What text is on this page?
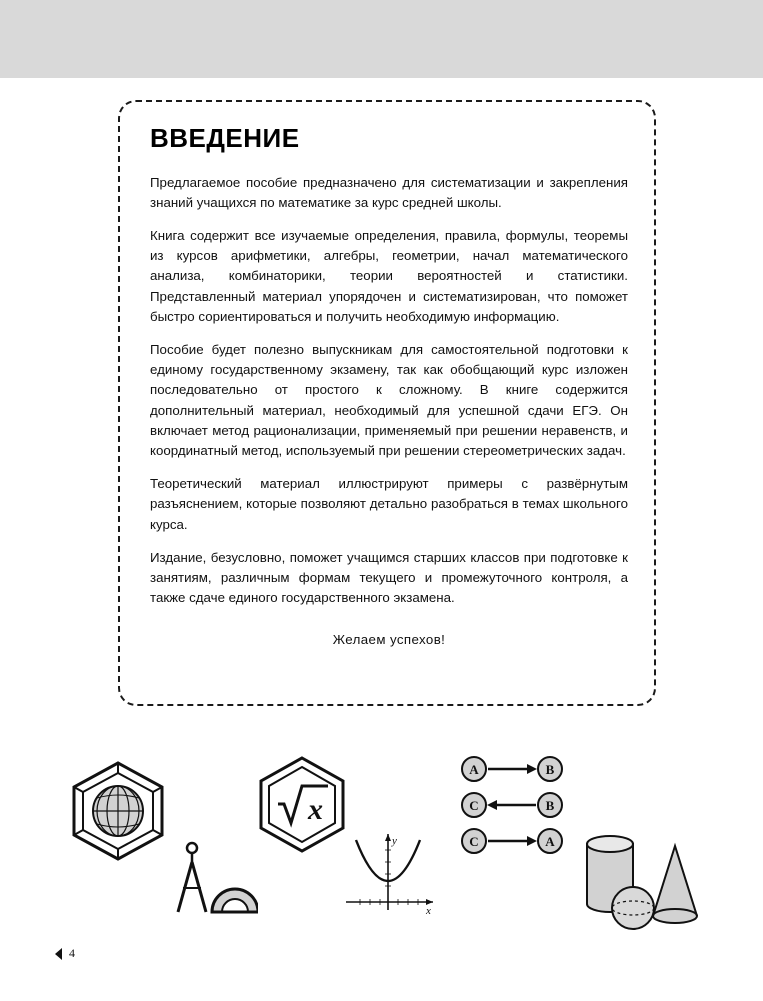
ВВЕДЕНИЕ

Предлагаемое пособие предназначено для систематизации и закрепления знаний учащихся по математике за курс средней школы.

Книга содержит все изучаемые определения, правила, формулы, теоремы из курсов арифметики, алгебры, геометрии, начал математического анализа, комбинаторики, теории вероятностей и статистики. Представленный материал упорядочен и систематизирован, что поможет быстро сориентироваться и получить необходимую информацию.

Пособие будет полезно выпускникам для самостоятельной подготовки к единому государственному экзамену, так как обобщающий курс изложен последовательно от простого к сложному. В книге содержится дополнительный материал, необходимый для успешной сдачи ЕГЭ. Он включает метод рационализации, применяемый при решении неравенств, и координатный метод, используемый при решении стереометрических задач.

Теоретический материал иллюстрируют примеры с развёрнутым разъяснением, которые позволяют детально разобраться в темах школьного курса.

Издание, безусловно, поможет учащимся старших классов при подготовке к занятиям, различным формам текущего и промежуточного контроля, а также сдаче единого государственного экзамена.

Желаем успехов!

x
y
x
A	B
C	B
C	A
4
